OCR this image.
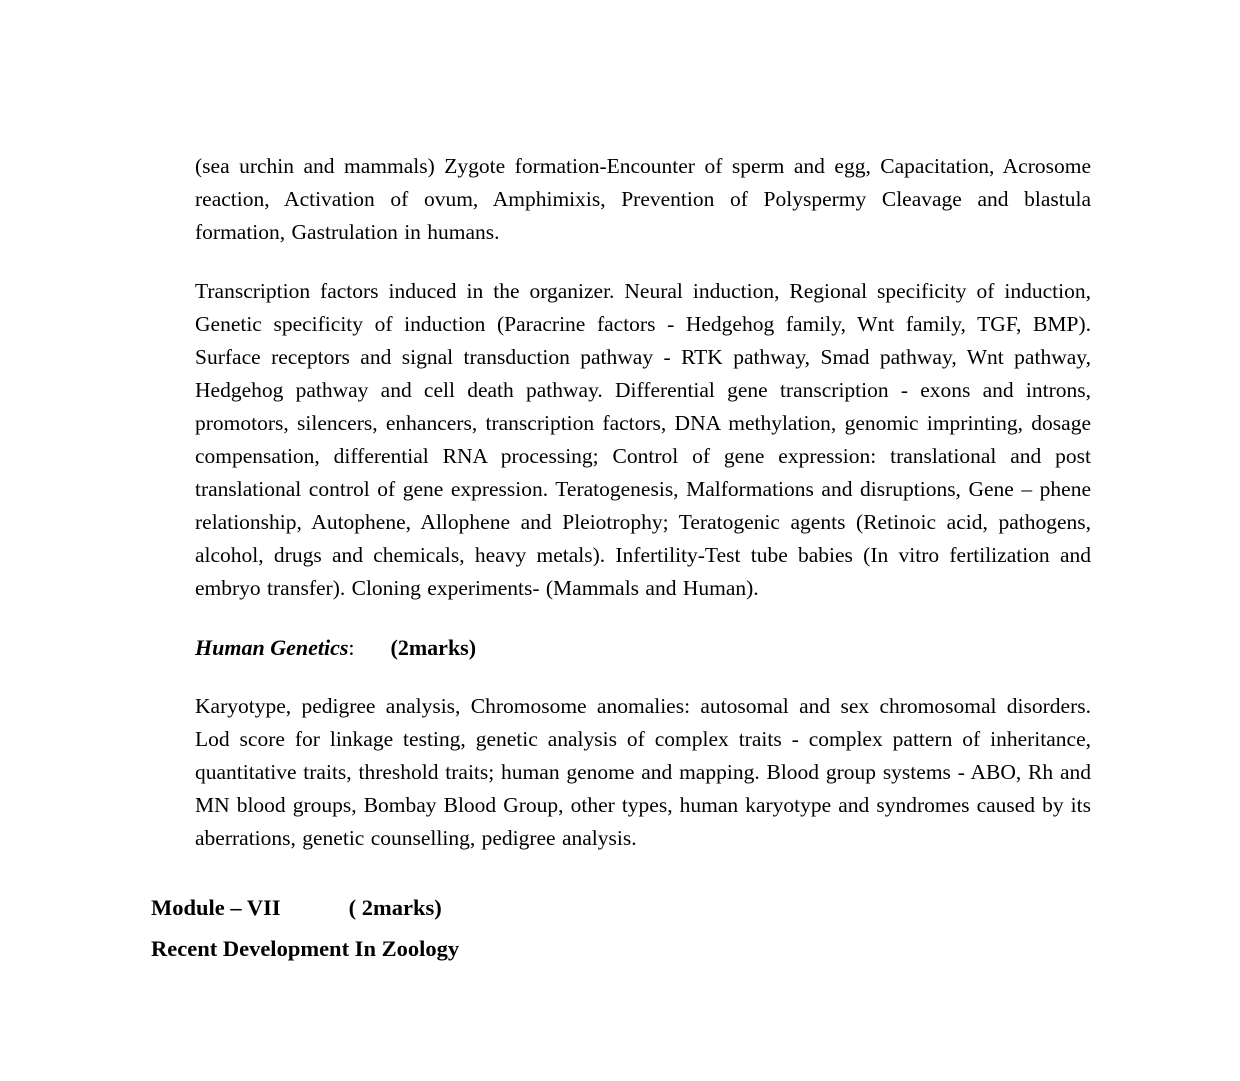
(sea urchin and mammals) Zygote formation-Encounter of sperm and egg, Capacitation, Acrosome reaction, Activation of ovum, Amphimixis, Prevention of Polyspermy Cleavage and blastula formation, Gastrulation in humans.

Transcription factors induced in the organizer. Neural induction, Regional specificity of induction, Genetic specificity of induction (Paracrine factors - Hedgehog family, Wnt family, TGF, BMP). Surface receptors and signal transduction pathway - RTK pathway, Smad pathway, Wnt pathway, Hedgehog pathway and cell death pathway. Differential gene transcription - exons and introns, promotors, silencers, enhancers, transcription factors, DNA methylation, genomic imprinting, dosage compensation, differential RNA processing; Control of gene expression: translational and post translational control of gene expression. Teratogenesis, Malformations and disruptions, Gene – phene relationship, Autophene, Allophene and Pleiotrophy; Teratogenic agents (Retinoic acid, pathogens, alcohol, drugs and chemicals, heavy metals). Infertility-Test tube babies (In vitro fertilization and embryo transfer). Cloning experiments- (Mammals and Human).

Human Genetics: (2marks)

Karyotype, pedigree analysis, Chromosome anomalies: autosomal and sex chromosomal disorders. Lod score for linkage testing, genetic analysis of complex traits - complex pattern of inheritance, quantitative traits, threshold traits; human genome and mapping. Blood group systems - ABO, Rh and MN blood groups, Bombay Blood Group, other types, human karyotype and syndromes caused by its aberrations, genetic counselling, pedigree analysis.

Module – VII	( 2marks)

Recent Development In Zoology
